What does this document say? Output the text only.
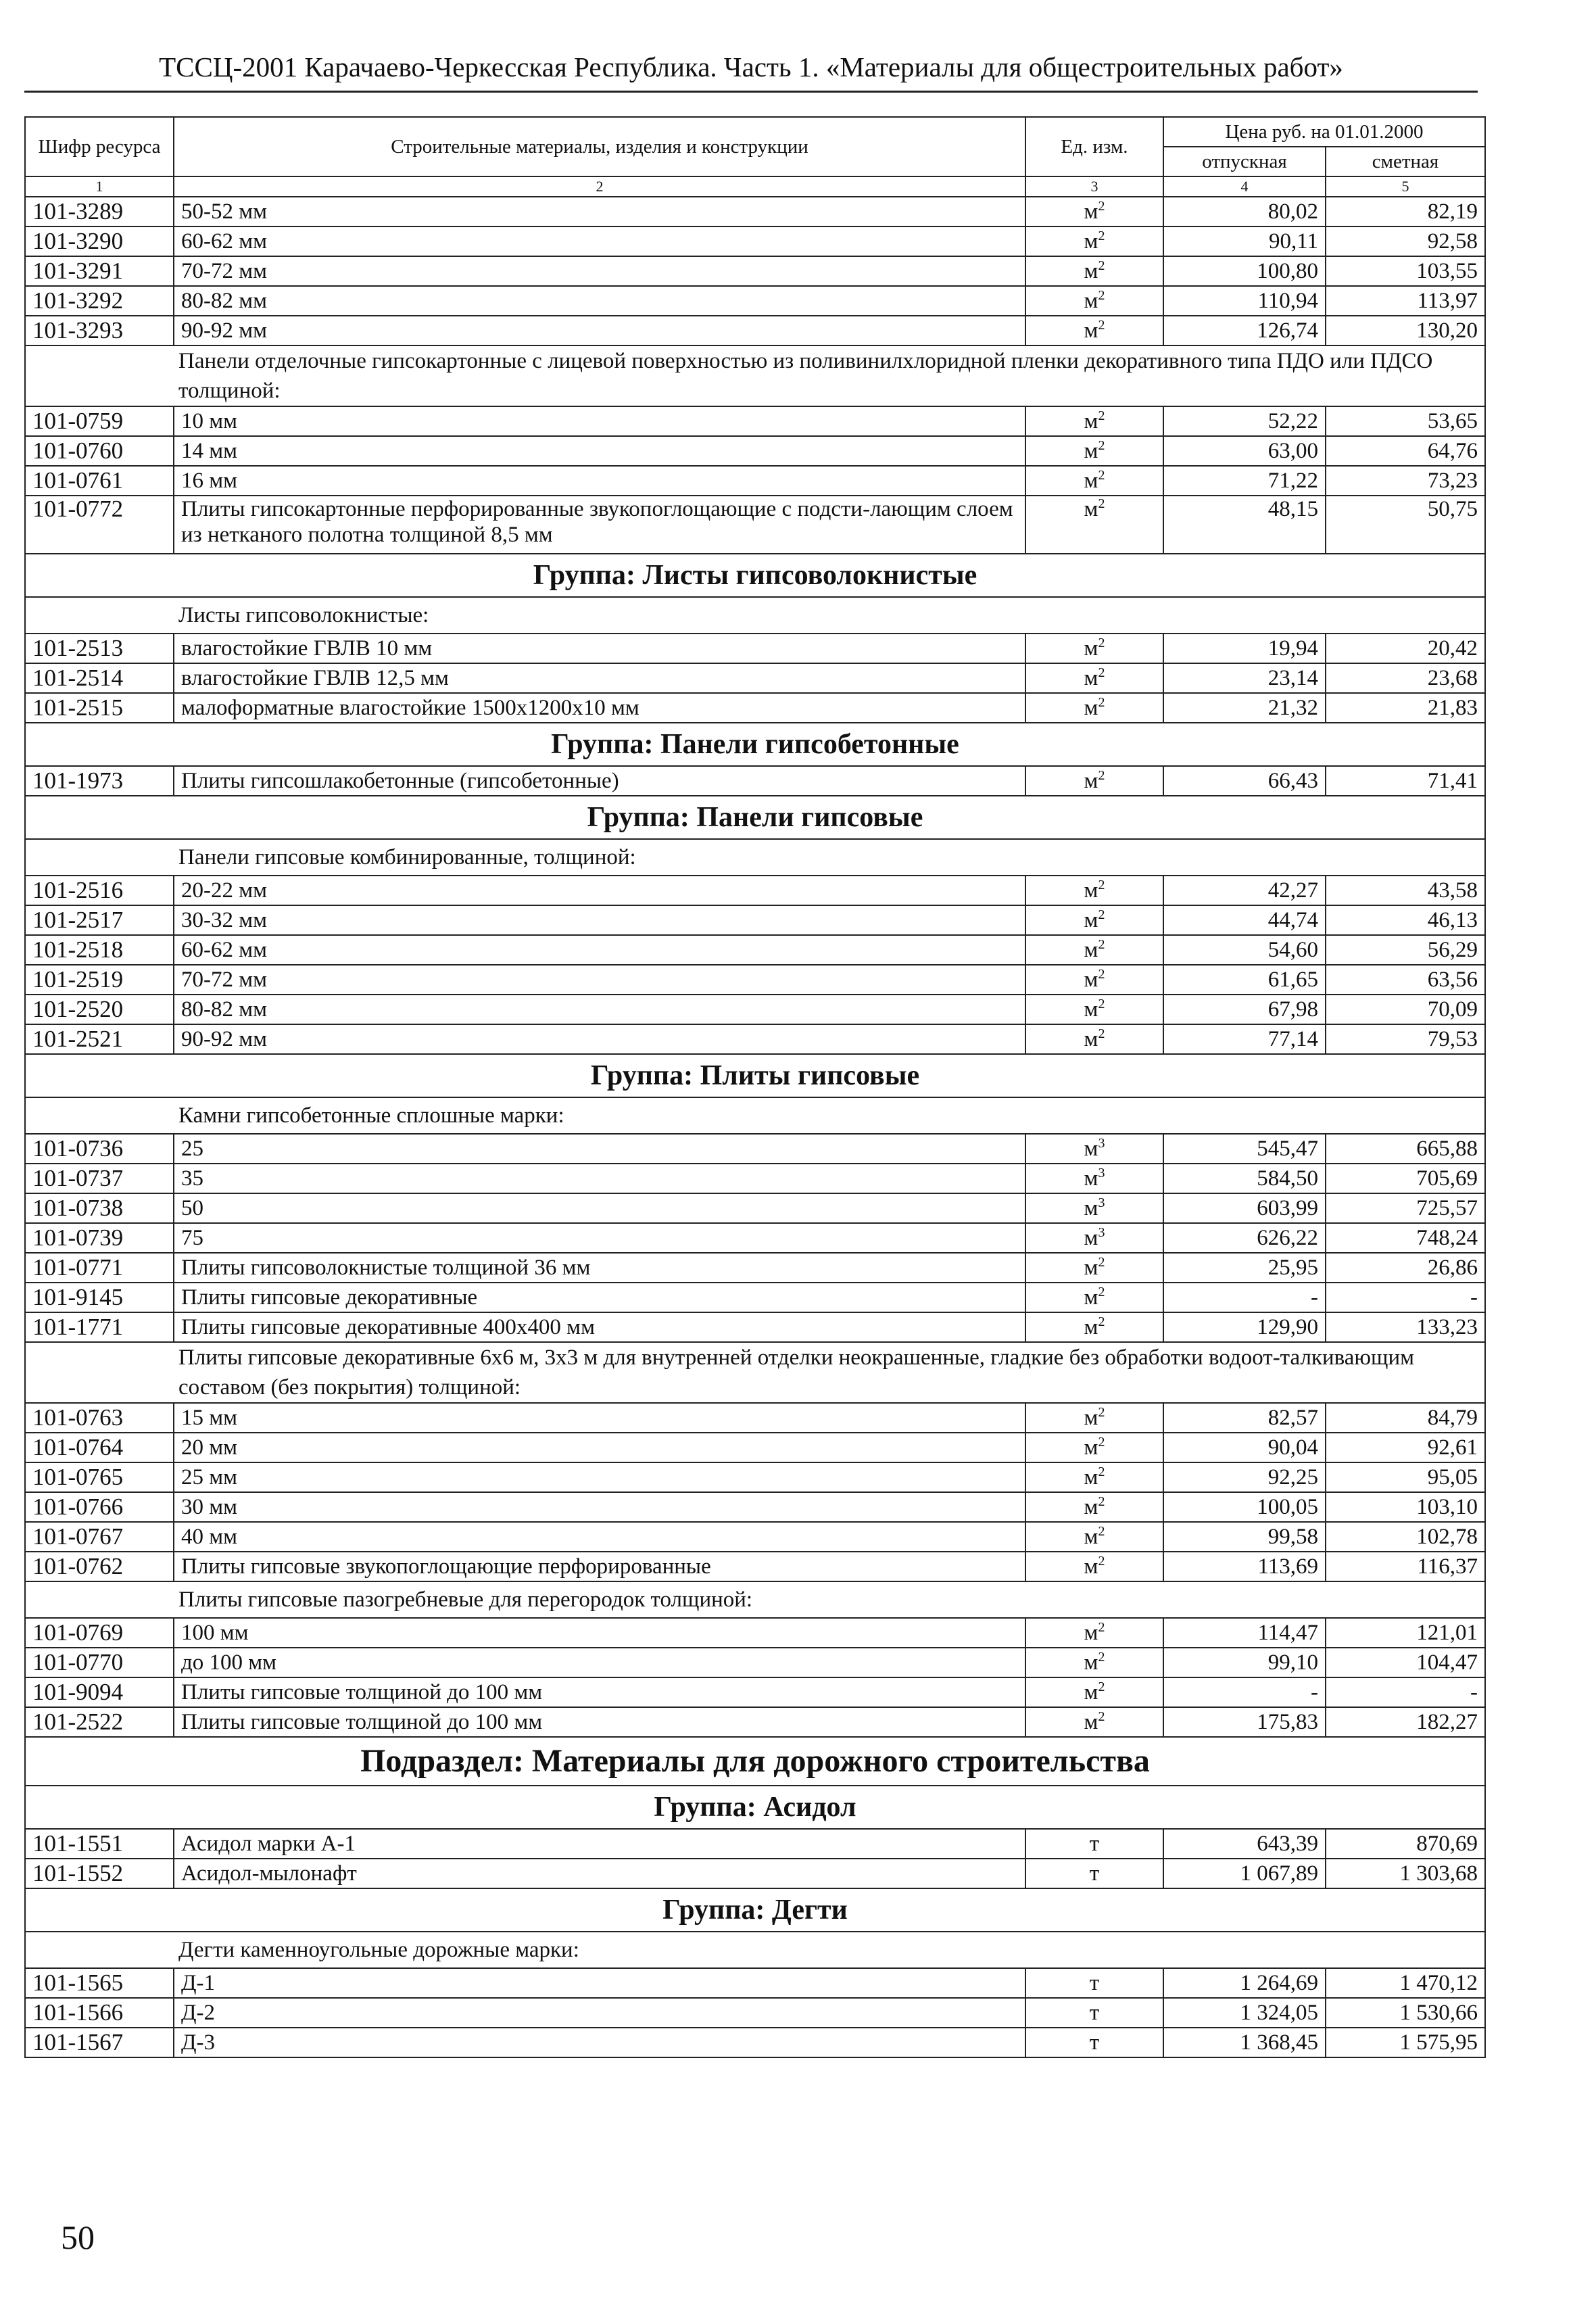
ТССЦ-2001 Карачаево-Черкесская Республика. Часть 1. «Материалы для общестроительных работ»
Шифр ресурса	Строительные материалы, изделия и конструкции	Ед. изм.	Цена руб. на 01.01.2000	
			отпускная	сметная
1	2	3	4	5
101-3289	50-52 мм	$м^2$	80,02	82,19
101-3290	60-62 мм	$м^2$	90,11	92,58
101-3291	70-72 мм	$м^2$	100,80	103,55
101-3292	80-82 мм	$м^2$	110,94	113,97
101-3293	90-92 мм	$м^2$	126,74	130,20
Панели отделочные гипсокартонные с лицевой поверхностью из поливинилхлоридной пленки декоративного типа ПДО или ПДСО толщиной:				
101-0759	10 мм	$м^2$	52,22	53,65
101-0760	14 мм	$м^2$	63,00	64,76
101-0761	16 мм	$м^2$	71,22	73,23
101-0772	Плиты гипсокартонные перфорированные звукопоглощающие с подсти-лающим слоем из нетканого полотна толщиной 8,5 мм	$м^2$	48,15	50,75
Группа: Листы гипсоволокнистые				
Листы гипсоволокнистые:				
101-2513	влагостойкие ГВЛВ 10 мм	$м^2$	19,94	20,42
101-2514	влагостойкие ГВЛВ 12,5 мм	$м^2$	23,14	23,68
101-2515	малоформатные влагостойкие 1500x1200x10 мм	$м^2$	21,32	21,83
Группа: Панели гипсобетонные				
101-1973	Плиты гипсошлакобетонные (гипсобетонные)	$м^2$	66,43	71,41
Группа: Панели гипсовые				
Панели гипсовые комбинированные, толщиной:				
101-2516	20-22 мм	$м^2$	42,27	43,58
101-2517	30-32 мм	$м^2$	44,74	46,13
101-2518	60-62 мм	$м^2$	54,60	56,29
101-2519	70-72 мм	$м^2$	61,65	63,56
101-2520	80-82 мм	$м^2$	67,98	70,09
101-2521	90-92 мм	$м^2$	77,14	79,53
Группа: Плиты гипсовые				
Камни гипсобетонные сплошные марки:				
101-0736	25	$м^3$	545,47	665,88
101-0737	35	$м^3$	584,50	705,69
101-0738	50	$м^3$	603,99	725,57
101-0739	75	$м^3$	626,22	748,24
101-0771	Плиты гипсоволокнистые толщиной 36 мм	$м^2$	25,95	26,86
101-9145	Плиты гипсовые декоративные	$м^2$	-	-
101-1771	Плиты гипсовые декоративные 400x400 мм	$м^2$	129,90	133,23
Плиты гипсовые декоративные 6x6 м, 3x3 м для внутренней отделки неокрашенные, гладкие без обработки водоот-талкивающим составом (без покрытия) толщиной:				
101-0763	15 мм	$м^2$	82,57	84,79
101-0764	20 мм	$м^2$	90,04	92,61
101-0765	25 мм	$м^2$	92,25	95,05
101-0766	30 мм	$м^2$	100,05	103,10
101-0767	40 мм	$м^2$	99,58	102,78
101-0762	Плиты гипсовые звукопоглощающие перфорированные	$м^2$	113,69	116,37
Плиты гипсовые пазогребневые для перегородок толщиной:				
101-0769	100 мм	$м^2$	114,47	121,01
101-0770	до 100 мм	$м^2$	99,10	104,47
101-9094	Плиты гипсовые толщиной до 100 мм	$м^2$	-	-
101-2522	Плиты гипсовые толщиной до 100 мм	$м^2$	175,83	182,27
Подраздел: Материалы для дорожного строительства				
Группа: Асидол				
101-1551	Асидол марки А-1	т	643,39	870,69
101-1552	Асидол-мылонафт	т	1 067,89	1 303,68
Группа: Дегти				
Дегти каменноугольные дорожные марки:				
101-1565	Д-1	т	1 264,69	1 470,12
101-1566	Д-2	т	1 324,05	1 530,66
101-1567	Д-3	т	1 368,45	1 575,95
50
